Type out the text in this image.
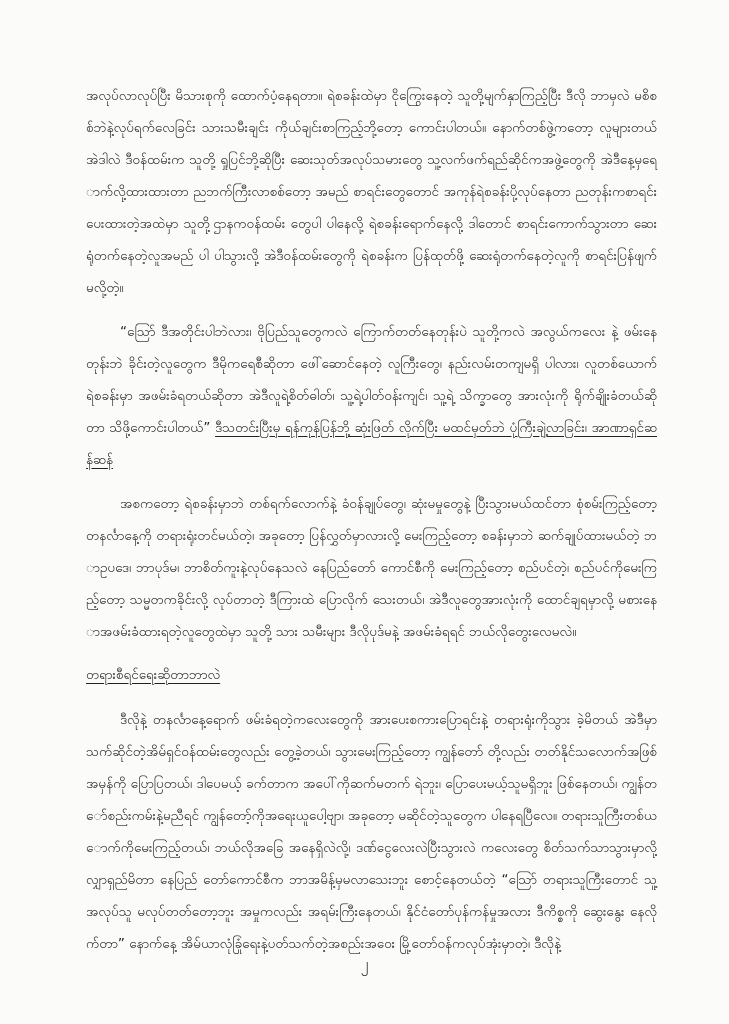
အလုပ်လာလုပ်ပြီး မိသားစုကို ထောက်ပံ့နေရတာ။ ရဲစခန်းထဲမှာ ငိုကြွေးနေတဲ့ သူတို့မျက်နှာကြည့်ပြီး ဒီလို ဘာမှလဲ မစိစစ်ဘဲနဲ့လုပ်ရက်လေခြင်း သားသမီးချင်း ကိုယ်ချင်းစာကြည့်ဘို့တော့ ကောင်းပါတယ်။ နောက်တစ်ဖွဲ့ကတော့ လူများတယ် အဲဒါလဲ ဒီဝန်ထမ်းက သူတို့ ရှုပြင်ဘို့ဆိုပြီး ဆေးသုတ်အလုပ်သမားတွေ သူ့လက်ဖက်ရည်ဆိုင်ကအဖွဲ့တွေကို အဲဒီနေ့မှရောက်လို့ထားထားတာ ညဘက်ကြီးလာစစ်တော့ အမည် စာရင်းတွေတောင် အကုန်ရဲစခန်းပို့လုပ်နေတာ ညတုန်းကစာရင်းပေးထားတဲ့အထဲမှာ သူတို့ဌာနကဝန်ထမ်း တွေပါ ပါနေလို့ ရဲစခန်းရောက်နေလို့ ဒါတောင် စာရင်းကောက်သွားတာ ဆေးရုံတက်နေတဲ့လူအမည် ပါ ပါသွားလို့ အဲဒီဝန်ထမ်းတွေကို ရဲစခန်းက ပြန်ထုတ်ဖို့ ဆေးရုံတက်နေတဲ့လူကို စာရင်းပြန်ဖျက်မလို့တဲ့။

“ဩော် ဒီအတိုင်းပါဘဲလား၊ ဗိုပြည်သူတွေကလဲ ကြောက်တတ်နေတုန်းပဲ သူတို့ကလဲ အလွယ်ကလေး နဲ့ ဖမ်းနေတုန်းဘဲ ခိုင်းတဲ့လူတွေက ဒီမိုကရေစီဆိုတာ ဖေါ်ဆောင်နေတဲ့ လူကြီးတွေ၊ နည်းလမ်းတကျမရှိ ပါလား၊ လူတစ်ယောက် ရဲစခန်းမှာ အဖမ်းခံရတယ်ဆိုတာ အဲဒီလူရဲ့စိတ်ဓါတ်၊ သူ့ရဲ့ပါတ်ဝန်းကျင်၊ သူ့ရဲ့ သိက္ခာတွေ အားလုံးကို ရိုက်ချိုးခံတယ်ဆိုတာ သိဖို့ကောင်းပါတယ်” ဒီသတင်းပြီးမှ ရန်ကုန်ပြန်ဘို့ ဆုံးဖြတ် လိုက်ပြီး မထင်မှတ်ဘဲ ပုံကြီးချဲ့လာခြင်း၊ အာဏာရှင်ဆန်ဆန်

အစကတော့ ရဲစခန်းမှာဘဲ တစ်ရက်လောက်နဲ့ ခံဝန်ချုပ်တွေ၊ ဆုံးမမှုတွေနဲ့ ပြီးသွားမယ်ထင်တာ စုံစမ်းကြည့်တော့ တနင်္လာနေ့ကို တရားရုံးတင်မယ်တဲ့၊ အခုတော့ ပြန်လွှတ်မှာလားလို့ မေးကြည့်တော့ စခန်းမှာဘဲ ဆက်ချုပ်ထားမယ်တဲ့ ဘာဥပဒေ၊ ဘာပုဒ်မ၊ ဘာစိတ်ကူးနဲ့လုပ်နေသလဲ နေပြည်တော် ကောင်စီကို မေးကြည့်တော့ စည်ပင်တဲ့၊ စည်ပင်ကိုမေးကြည့်တော့ သမ္မတကခိုင်းလို့ လုပ်တာတဲ့ ဒီကြားထဲ ပြောလိုက် သေးတယ်၊ အဲဒီလူတွေအားလုံးကို ထောင်ချရမှာလို့ မစားနောအဖမ်းခံထားရတဲ့လူတွေထဲမှာ သူတို့ သား သမီးများ ဒီလိုပုဒ်မနဲ့ အဖမ်းခံရရင် ဘယ်လိုတွေးလေမလဲ။

တရားစီရင်ရေးဆိုတာဘာလဲ

ဒီလိုနဲ့ တနင်္လာနေ့ရောက် ဖမ်းခံရတဲ့ကလေးတွေကို အားပေးစကားပြောရင်းနဲ့ တရားရုံးကိုသွား ခဲ့မိတယ် အဲဒီမှာ သက်ဆိုင်တဲ့အိမ်ရှင်ဝန်ထမ်းတွေလည်း တွေ့ခဲ့တယ်၊ သွားမေးကြည့်တော့ ကျွန်တော် တို့လည်း တတ်နိုင်သလောက်အဖြစ်အမှန်ကို ပြောပြတယ်၊ ဒါပေမယ့် ခက်တာက အပေါ်ကိုဆက်မတက် ရဲဘူး၊ ပြောပေးမယ့်သူမရှိဘူး ဖြစ်နေတယ်၊ ကျွန်တော်စည်းကမ်းနဲ့မညီရင် ကျွန်တော့်ကိုအရေးယူပေါ့ဗျာ၊ အခုတော့ မဆိုင်တဲ့သူတွေက ပါနေရပြီလေ။ တရားသူကြီးတစ်ယောက်ကိုမေးကြည့်တယ်၊ ဘယ်လိုအခြေ အနေရှိလဲလို့၊ ဒဏ်ငွေလေးလဲပြီးသွားလဲ ကလေးတွေ စိတ်သက်သာသွားမှာလို့ လျှာရှည်မိတာ နေပြည် တော်ကောင်စီက ဘာအမိန့်မှမလာသေးဘူး စောင့်နေတယ်တဲ့ “ဩော် တရားသူကြီးတောင် သူ့အလုပ်သူ မလုပ်တတ်တော့ဘူး အမှုကလည်း အရမ်းကြီးနေတယ်၊ နိုင်ငံတော်ပုန်ကန်မှုအလား ဒီကိစ္စကို ဆွေးနွေး နေလိုက်တာ” နောက်နေ့ အိမ်ယာလုံခြုံရေးနဲ့ပတ်သက်တဲ့အစည်းအဝေး မြို့တော်ဝန်ကလုပ်အုံးမှာတဲ့၊ ဒီလိုနဲ့

၂
